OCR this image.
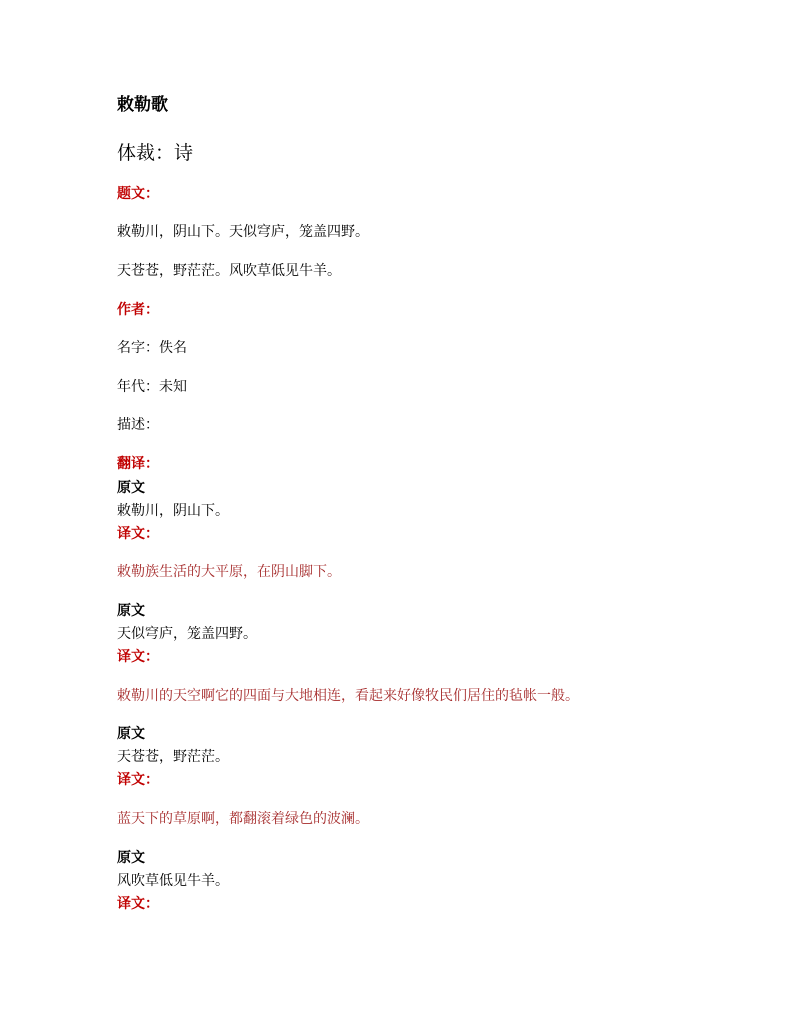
敕勒歌
体裁：诗
题文：
敕勒川，阴山下。天似穹庐，笼盖四野。
天苍苍，野茫茫。风吹草低见牛羊。
作者：
名字：佚名
年代：未知
描述：
翻译：
原文
敕勒川，阴山下。
译文：
敕勒族生活的大平原，在阴山脚下。
原文
天似穹庐，笼盖四野。
译文：
敕勒川的天空啊它的四面与大地相连，看起来好像牧民们居住的毡帐一般。
原文
天苍苍，野茫茫。
译文：
蓝天下的草原啊，都翻滚着绿色的波澜。
原文
风吹草低见牛羊。
译文：
